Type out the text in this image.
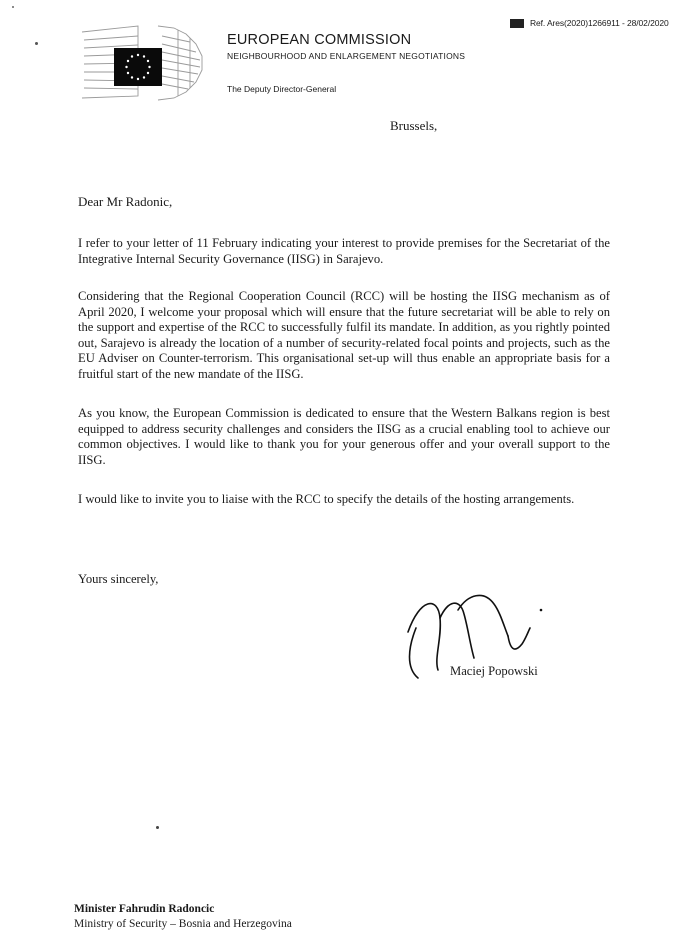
Ref. Ares(2020)1266911 - 28/02/2020
EUROPEAN COMMISSION
NEIGHBOURHOOD AND ENLARGEMENT NEGOTIATIONS
The Deputy Director-General
Brussels,
Dear Mr Radonic,
I refer to your letter of 11 February indicating your interest to provide premises for the Secretariat of the Integrative Internal Security Governance (IISG) in Sarajevo.
Considering that the Regional Cooperation Council (RCC) will be hosting the IISG mechanism as of April 2020, I welcome your proposal which will ensure that the future secretariat will be able to rely on the support and expertise of the RCC to successfully fulfil its mandate. In addition, as you rightly pointed out, Sarajevo is already the location of a number of security-related focal points and projects, such as the EU Adviser on Counter-terrorism. This organisational set-up will thus enable an appropriate basis for a fruitful start of the new mandate of the IISG.
As you know, the European Commission is dedicated to ensure that the Western Balkans region is best equipped to address security challenges and considers the IISG as a crucial enabling tool to achieve our common objectives. I would like to thank you for your generous offer and your overall support to the IISG.
I would like to invite you to liaise with the RCC to specify the details of the hosting arrangements.
Yours sincerely,
Maciej Popowski
Minister Fahrudin Radoncic
Ministry of Security – Bosnia and Herzegovina
